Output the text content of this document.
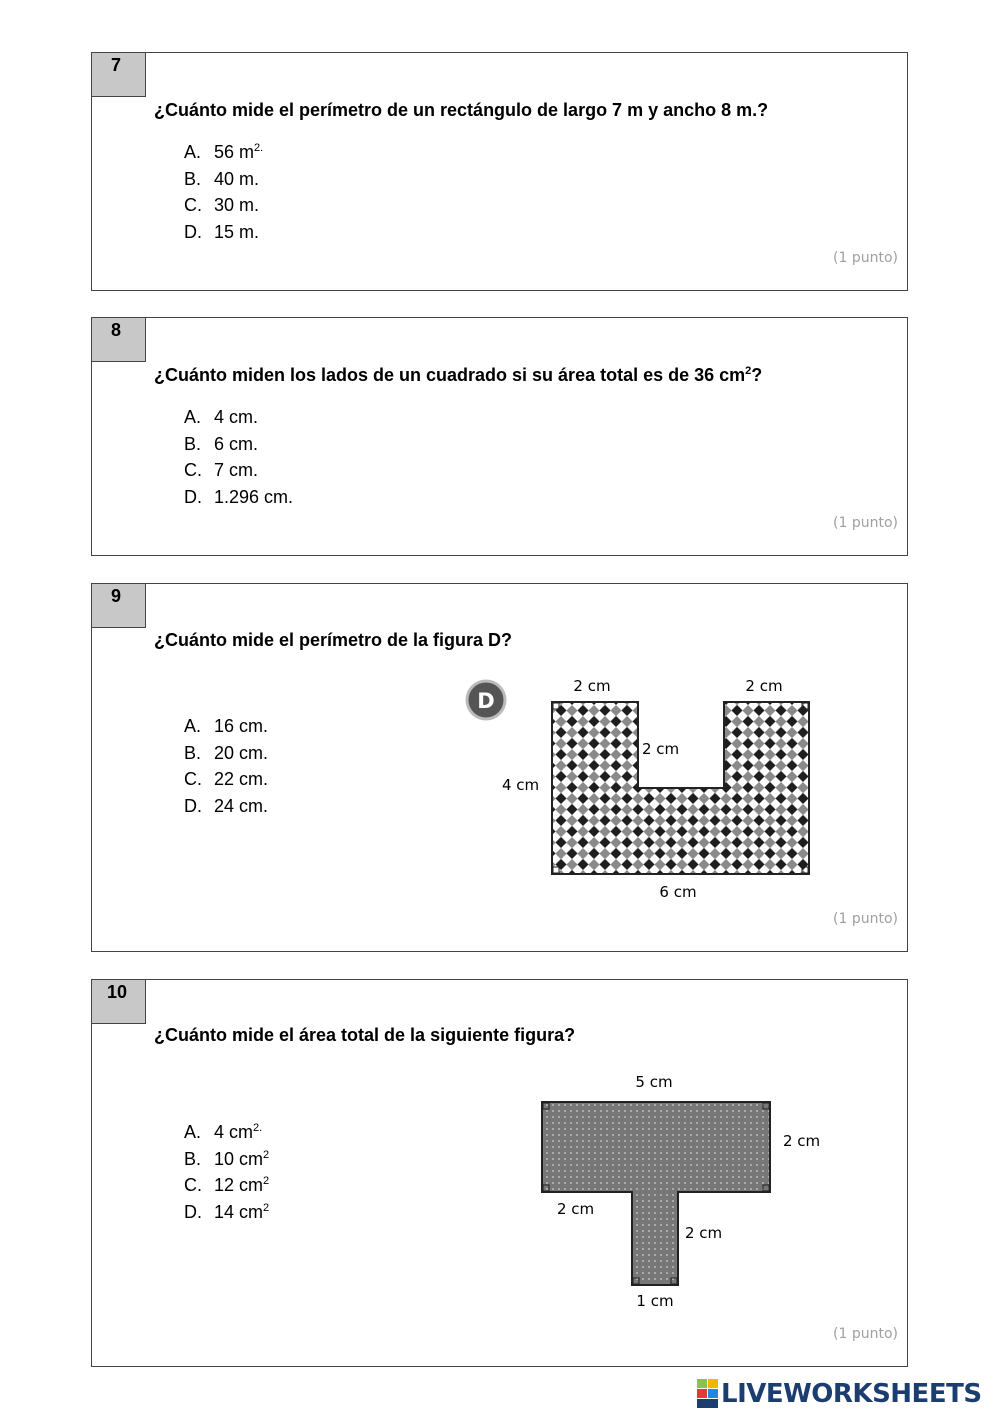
7
¿Cuánto mide el perímetro de un rectángulo de largo 7 m y ancho 8 m.?
A. 56 $m^{2.}$
B. 40 m.
C. 30 m.
D. 15 m.
(1 punto)
8
¿Cuánto miden los lados de un cuadrado si su área total es de 36 $cm^2$?
A. 4 cm.
B. 6 cm.
C. 7 cm.
D. 1.296 cm.
(1 punto)
9
¿Cuánto mide el perímetro de la figura D?
A. 16 cm.
B. 20 cm.
C. 22 cm.
D. 24 cm.
D
2 cm	2 cm
2 cm
4 cm
6 cm
(1 punto)
10
¿Cuánto mide el área total de la siguiente figura?
A. 4 $cm^{2.}$
B. 10 $cm^2$
C. 12 $cm^2$
D. 14 $cm^2$
5 cm
2 cm
2 cm
2 cm
1 cm
(1 punto)
LIVEWORKSHEETS
